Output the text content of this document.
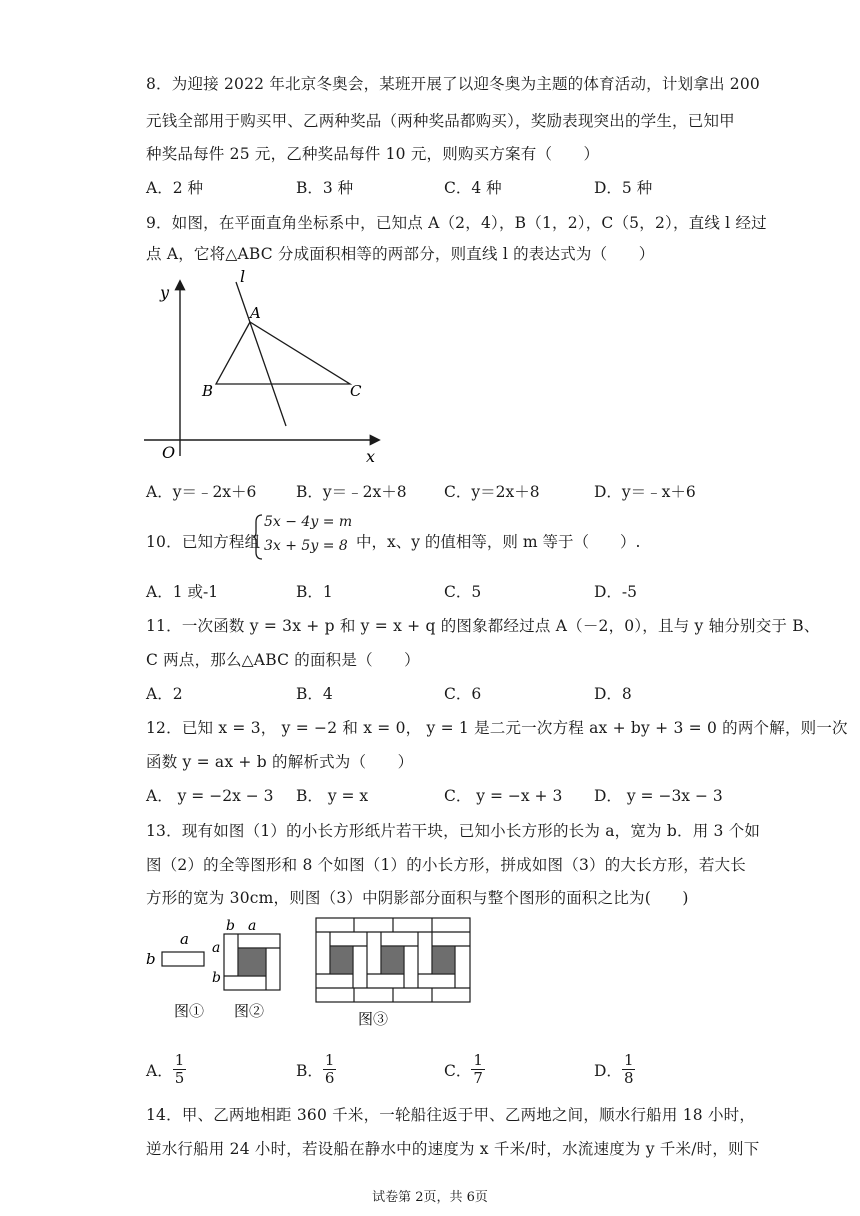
8．为迎接 2022 年北京冬奥会，某班开展了以迎冬奥为主题的体育活动，计划拿出 200
元钱全部用于购买甲、乙两种奖品（两种奖品都购买），奖励表现突出的学生，已知甲
种奖品每件 25 元，乙种奖品每件 10 元，则购买方案有（　　）
A．2 种	B．3 种	C．4 种	D．5 种
9．如图，在平面直角坐标系中，已知点 A（2，4），B（1，2），C（5，2），直线 l 经过
点 A，它将△ABC 分成面积相等的两部分，则直线 l 的表达式为（　　）
y
x
O
l
A
B	C
A．y＝﹣2x＋6	B．y＝﹣2x＋8 C．y＝2x＋8	D．y＝﹣x＋6
10．已知方程组
5x − 4y = m
3x + 5y = 8 中，x、y 的值相等，则 m 等于（　　）.
A．1 或-1	B．1	C．5	D．-5
11．一次函数 y = 3x + p 和 y = x + q 的图象都经过点 A（－2，0），且与 y 轴分别交于 B、
C 两点，那么△ABC 的面积是（　　）
A．2	B．4	C．6	D．8
12．已知 x = 3， y = −2 和 x = 0， y = 1 是二元一次方程 ax + by + 3 = 0 的两个解，则一次
函数 y = ax + b 的解析式为（　　）
A． y = −2x − 3 B． y = x	C． y = −x + 3 D． y = −3x − 3
13．现有如图（1）的小长方形纸片若干块，已知小长方形的长为 a，宽为 b．用 3 个如
图（2）的全等图形和 8 个如图（1）的小长方形，拼成如图（3）的大长方形，若大长
方形的宽为 30cm，则图（3）中阴影部分面积与整个图形的面积之比为(　　)
a
b
图①
b a
a
b
图②	图③
A． $\frac{1}{5}$	B． $\frac{1}{6}$	C． $\frac{1}{7}$	D． $\frac{1}{8}$
14．甲、乙两地相距 360 千米，一轮船往返于甲、乙两地之间，顺水行船用 18 小时，
逆水行船用 24 小时，若设船在静水中的速度为 x 千米/时，水流速度为 y 千米/时，则下
试卷第 2页，共 6页
